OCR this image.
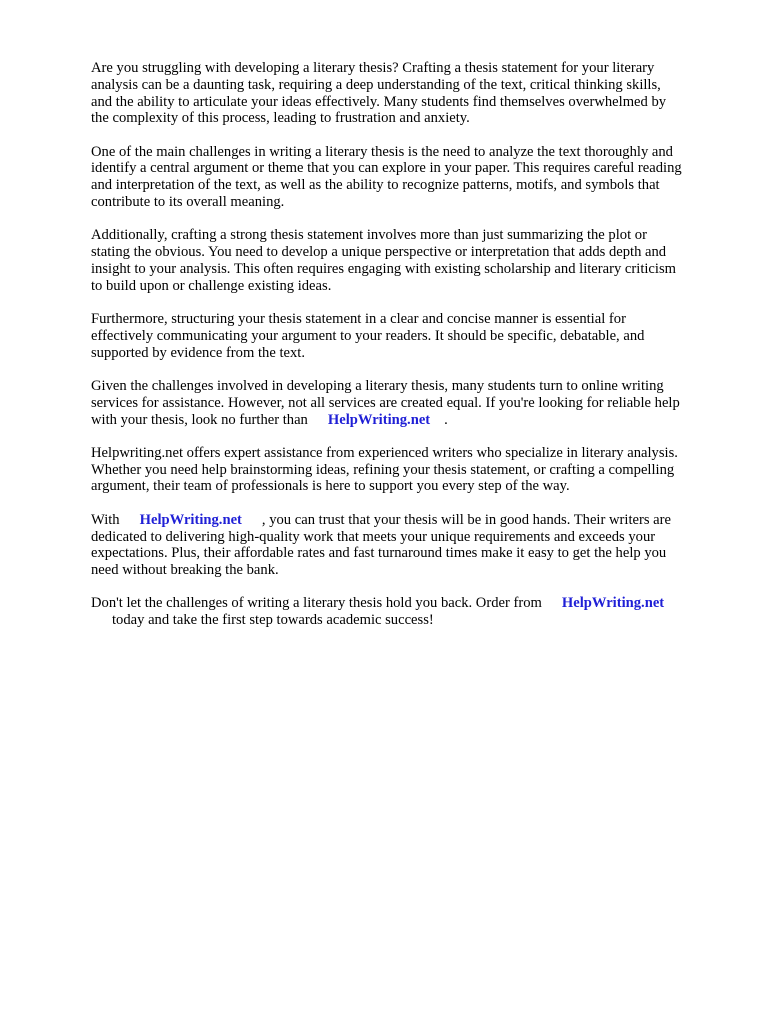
Are you struggling with developing a literary thesis? Crafting a thesis statement for your literary
analysis can be a daunting task, requiring a deep understanding of the text, critical thinking skills,
and the ability to articulate your ideas effectively. Many students find themselves overwhelmed by
the complexity of this process, leading to frustration and anxiety.

One of the main challenges in writing a literary thesis is the need to analyze the text thoroughly and
identify a central argument or theme that you can explore in your paper. This requires careful reading
and interpretation of the text, as well as the ability to recognize patterns, motifs, and symbols that
contribute to its overall meaning.

Additionally, crafting a strong thesis statement involves more than just summarizing the plot or
stating the obvious. You need to develop a unique perspective or interpretation that adds depth and
insight to your analysis. This often requires engaging with existing scholarship and literary criticism
to build upon or challenge existing ideas.

Furthermore, structuring your thesis statement in a clear and concise manner is essential for
effectively communicating your argument to your readers. It should be specific, debatable, and
supported by evidence from the text.

Given the challenges involved in developing a literary thesis, many students turn to online writing
services for assistance. However, not all services are created equal. If you're looking for reliable help
with your thesis, look no further than HelpWriting.net .

Helpwriting.net offers expert assistance from experienced writers who specialize in literary analysis.
Whether you need help brainstorming ideas, refining your thesis statement, or crafting a compelling
argument, their team of professionals is here to support you every step of the way.

With HelpWriting.net , you can trust that your thesis will be in good hands. Their writers are
dedicated to delivering high-quality work that meets your unique requirements and exceeds your
expectations. Plus, their affordable rates and fast turnaround times make it easy to get the help you
need without breaking the bank.

Don't let the challenges of writing a literary thesis hold you back. Order from HelpWriting.net
today and take the first step towards academic success!
